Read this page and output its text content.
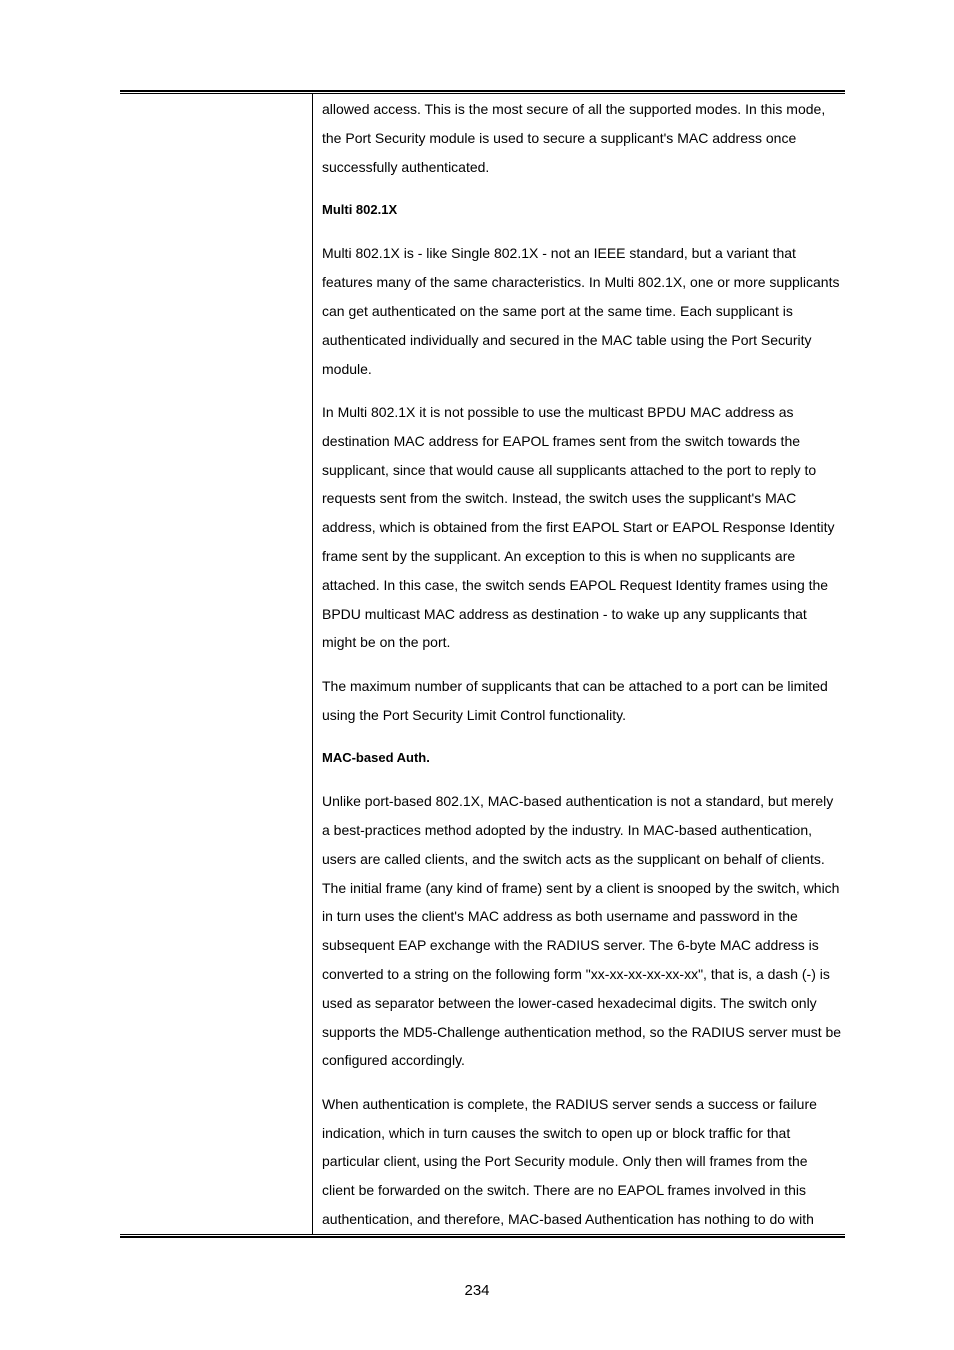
allowed access. This is the most secure of all the supported modes. In this mode, the Port Security module is used to secure a supplicant's MAC address once successfully authenticated.

Multi 802.1X

Multi 802.1X is - like Single 802.1X - not an IEEE standard, but a variant that features many of the same characteristics. In Multi 802.1X, one or more supplicants can get authenticated on the same port at the same time. Each supplicant is authenticated individually and secured in the MAC table using the Port Security module.

In Multi 802.1X it is not possible to use the multicast BPDU MAC address as destination MAC address for EAPOL frames sent from the switch towards the supplicant, since that would cause all supplicants attached to the port to reply to requests sent from the switch. Instead, the switch uses the supplicant's MAC address, which is obtained from the first EAPOL Start or EAPOL Response Identity frame sent by the supplicant. An exception to this is when no supplicants are attached. In this case, the switch sends EAPOL Request Identity frames using the BPDU multicast MAC address as destination - to wake up any supplicants that might be on the port.

The maximum number of supplicants that can be attached to a port can be limited using the Port Security Limit Control functionality.

MAC-based Auth.

Unlike port-based 802.1X, MAC-based authentication is not a standard, but merely a best-practices method adopted by the industry. In MAC-based authentication, users are called clients, and the switch acts as the supplicant on behalf of clients. The initial frame (any kind of frame) sent by a client is snooped by the switch, which in turn uses the client's MAC address as both username and password in the subsequent EAP exchange with the RADIUS server. The 6-byte MAC address is converted to a string on the following form "xx-xx-xx-xx-xx-xx", that is, a dash (-) is used as separator between the lower-cased hexadecimal digits. The switch only supports the MD5-Challenge authentication method, so the RADIUS server must be configured accordingly.

When authentication is complete, the RADIUS server sends a success or failure indication, which in turn causes the switch to open up or block traffic for that particular client, using the Port Security module. Only then will frames from the client be forwarded on the switch. There are no EAPOL frames involved in this authentication, and therefore, MAC-based Authentication has nothing to do with

234
